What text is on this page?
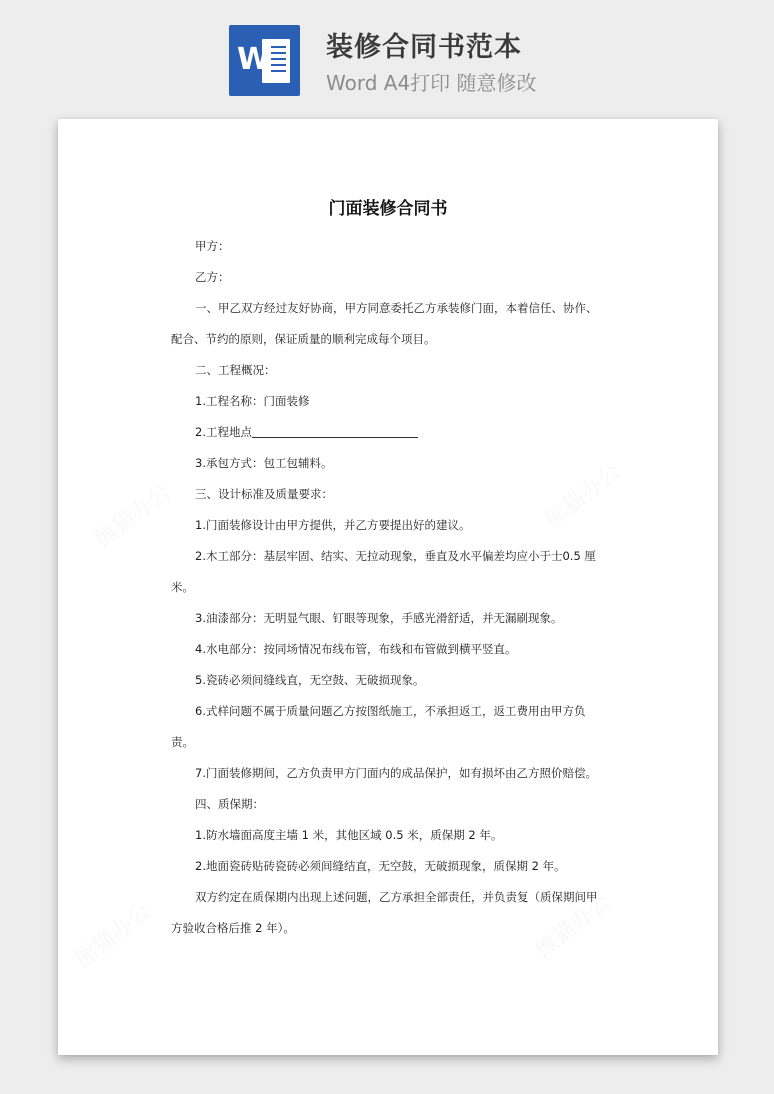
W 装修合同书范本
Word A4打印 随意修改
门面装修合同书

甲方：

乙方：

一、甲乙双方经过友好协商，甲方同意委托乙方承装修门面，本着信任、协作、配合、节约的原则，保证质量的顺利完成每个项目。

二、工程概况：

1.工程名称：门面装修

2.工程地点

3.承包方式：包工包辅料。

三、设计标准及质量要求：

1.门面装修设计由甲方提供，并乙方要提出好的建议。

2.木工部分：基层牢固、结实、无拉动现象，垂直及水平偏差均应小于士0.5 厘米。

3.油漆部分：无明显气眼、钉眼等现象，手感光滑舒适，并无漏刷现象。

4.水电部分：按同场情况布线布管，布线和布管做到横平竖直。

5.瓷砖必须间缝线直，无空鼓、无破损现象。

6.式样问题不属于质量问题乙方按图纸施工，不承担返工，返工费用由甲方负责。

7.门面装修期间，乙方负责甲方门面内的成品保护，如有损坏由乙方照价赔偿。

四、质保期：

1.防水墙面高度主墙 1 米，其他区域 0.5 米，质保期 2 年。

2.地面瓷砖贴砖瓷砖必须间缝结直，无空鼓，无破损现象，质保期 2 年。

双方约定在质保期内出现上述问题，乙方承担全部责任，并负责复（质保期间甲方验收合格后推 2 年）。
